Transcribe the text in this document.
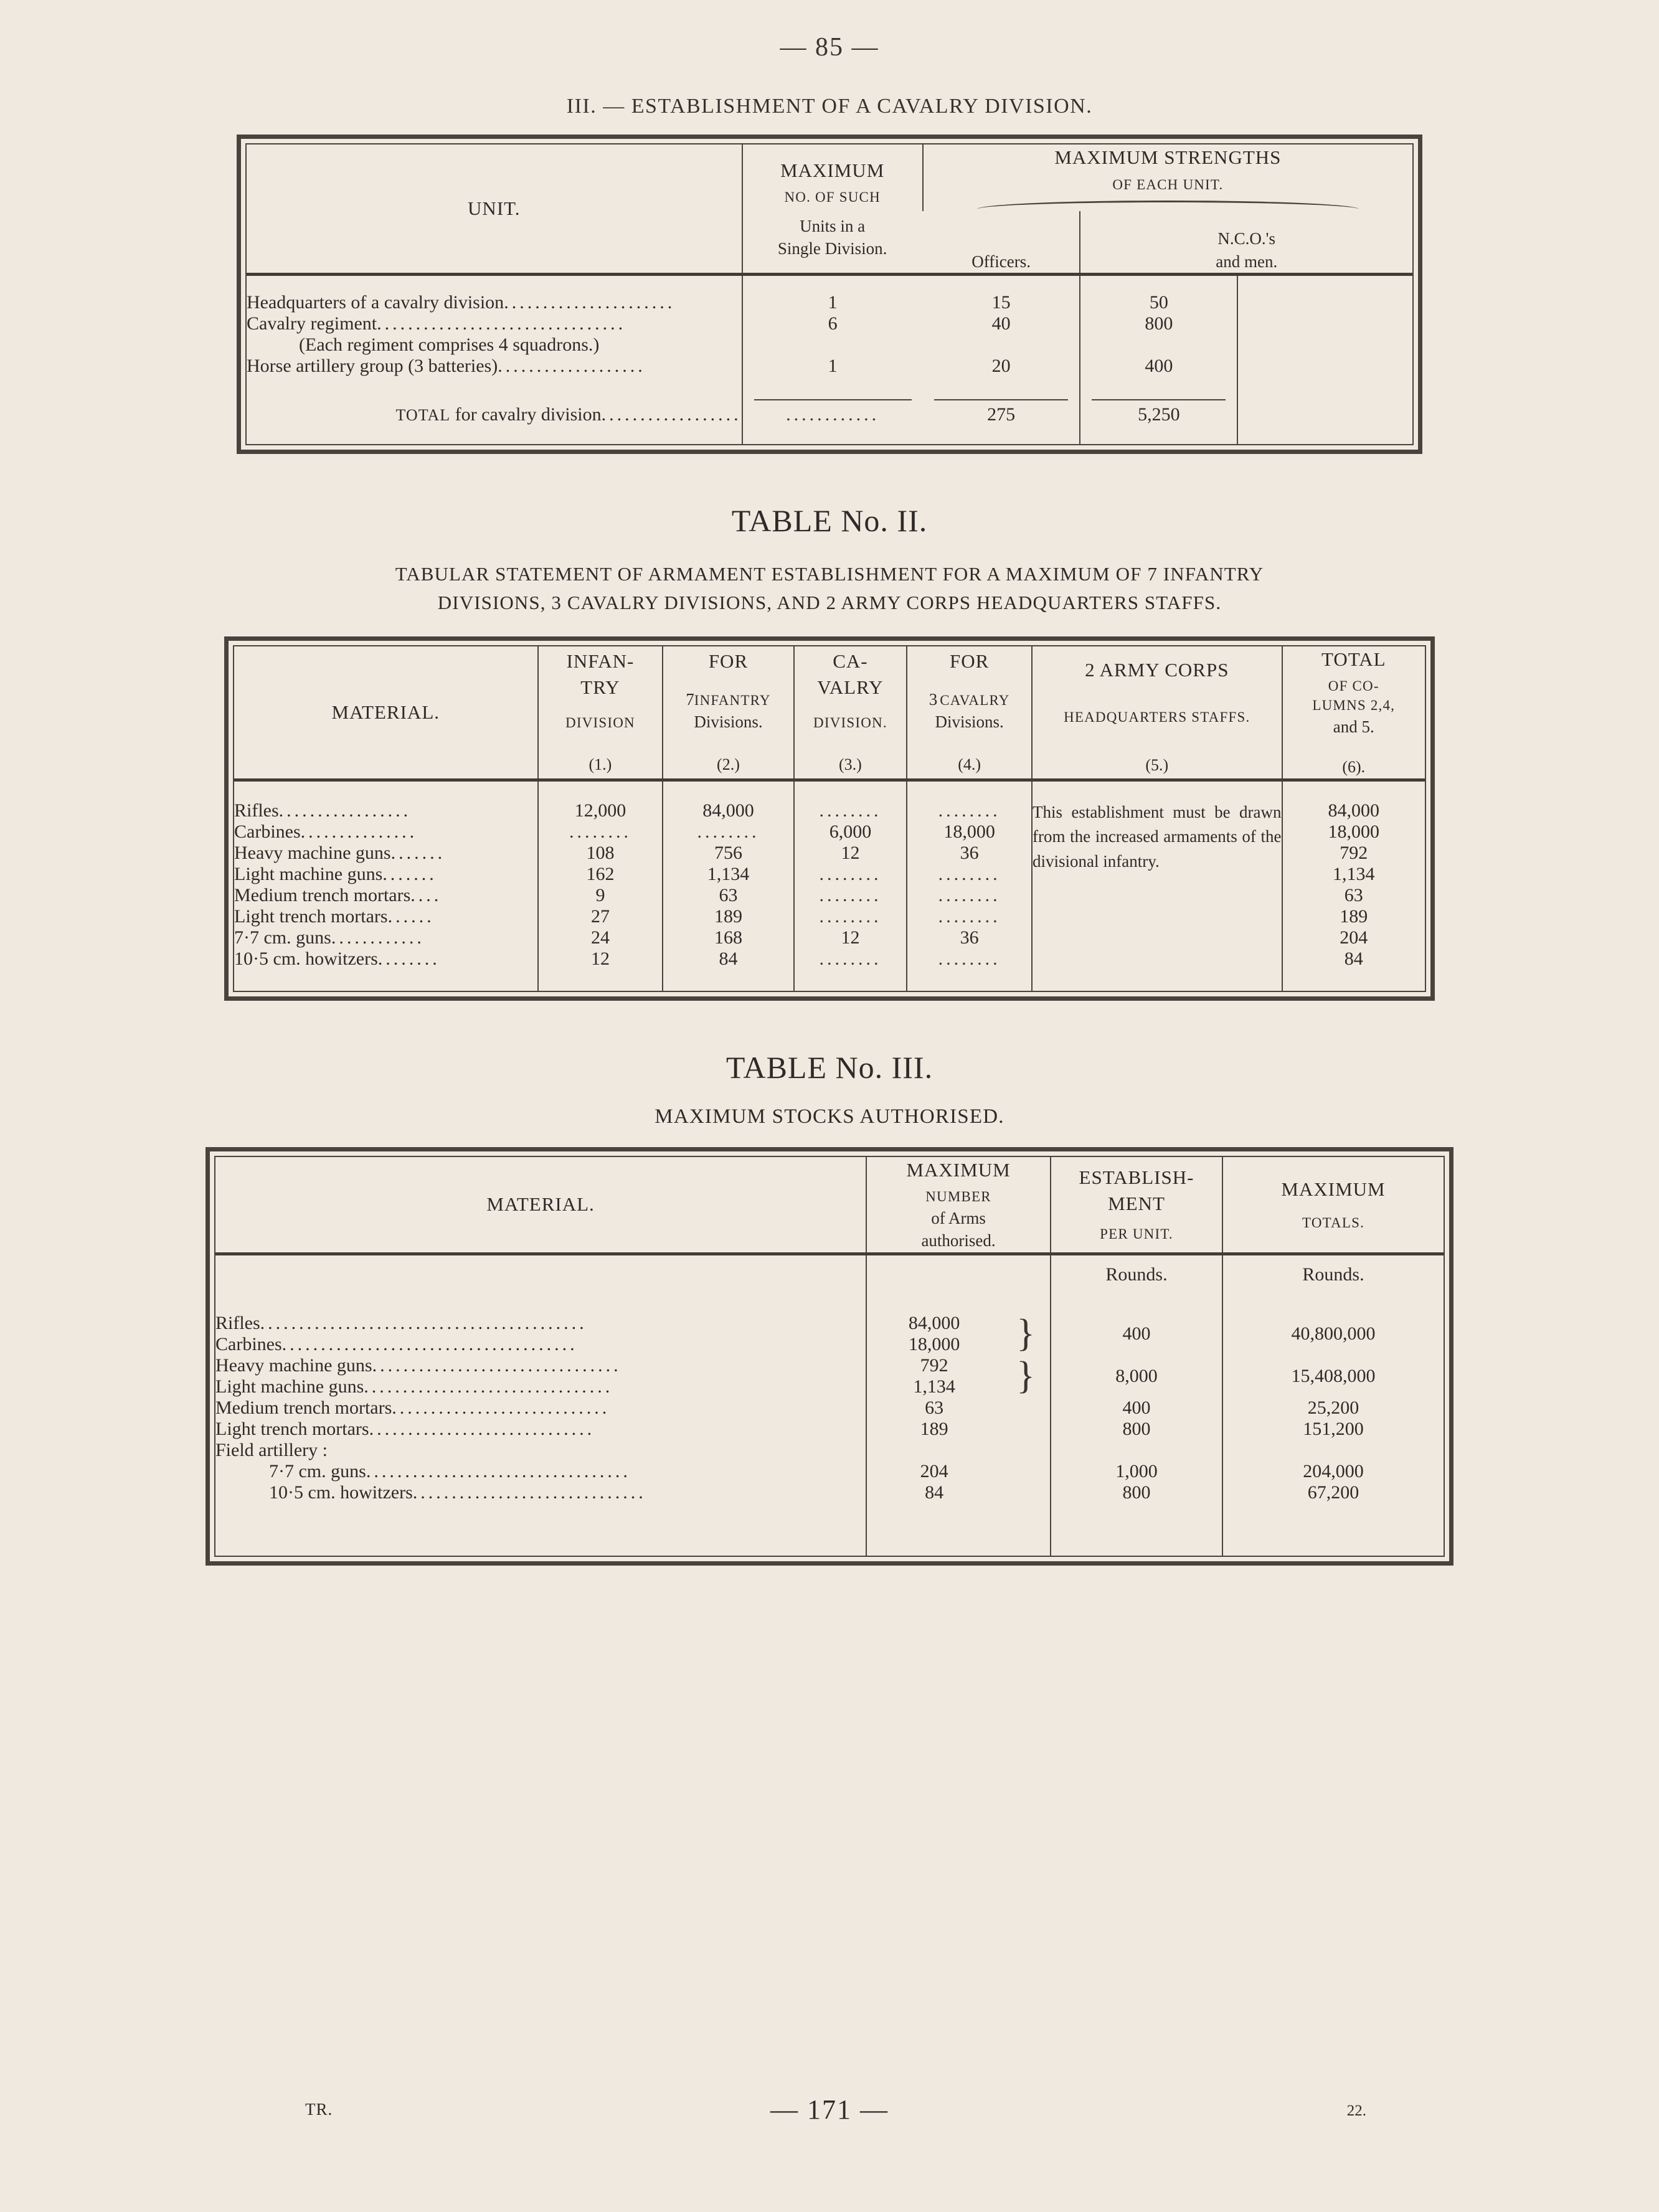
— 85 —
III. — ESTABLISHMENT OF A CAVALRY DIVISION.
UNIT.

MAXIMUM
NO. OF SUCH
Units in a
Single Division.

MAXIMUM STRENGTHS
OF EACH UNIT.

		Officers.	N.C.O.'s
and men.	

Headquarters of a cavalry division......................	1	15	50	
Cavalry regiment................................	6	40	800	
(Each regiment comprises 4 squadrons.)				
Horse artillery group (3 batteries)...................	1	20	400	

TOTAL for cavalry division..................	............	275	5,250	

TABLE No. II.
TABULAR STATEMENT OF ARMAMENT ESTABLISHMENT FOR A MAXIMUM OF 7 INFANTRY
DIVISIONS, 3 CAVALRY DIVISIONS, AND 2 ARMY CORPS HEADQUARTERS STAFFS.
MATERIAL.

INFAN-
TRY
DIVISION
(1.)

FOR
7INFANTRY
Divisions.
(2.)

CA-
VALRY
DIVISION.
(3.)

FOR
3 CAVALRY
Divisions.
(4.)

2 ARMY CORPS
HEADQUARTERS STAFFS.
(5.)

TOTAL
OF CO-
LUMNS 2,4,
and 5.
(6).

Rifles.................	12,000	84,000	........	........	This establishment must be drawn from the increased armaments of the divisional infantry.	84,000
Carbines...............	........	........	6,000	18,000		18,000
Heavy machine guns.......	108	756	12	36		792
Light machine guns.......	162	1,134	........	........		1,134
Medium trench mortars....	9	63	........	........		63
Light trench mortars......	27	189	........	........		189
7·7 cm. guns............	24	168	12	36		204
10·5 cm. howitzers........	12	84	........	........		84

TABLE No. III.
MAXIMUM STOCKS AUTHORISED.
MATERIAL.

MAXIMUM
NUMBER
of Arms
authorised.

ESTABLISH-
MENT
PER UNIT.

MAXIMUM
TOTALS.

			Rounds.	Rounds.

Rifles..........................................	84,000	}	400	40,800,000
Carbines......................................	18,000			
Heavy machine guns................................	792	}	8,000	15,408,000
Light machine guns................................	1,134			
Medium trench mortars............................	63		400	25,200
Light trench mortars.............................	189		800	151,200
Field artillery :				
7·7 cm. guns..................................	204		1,000	204,000
10·5 cm. howitzers..............................	84		800	67,200

TR.	— 171 —	22.
